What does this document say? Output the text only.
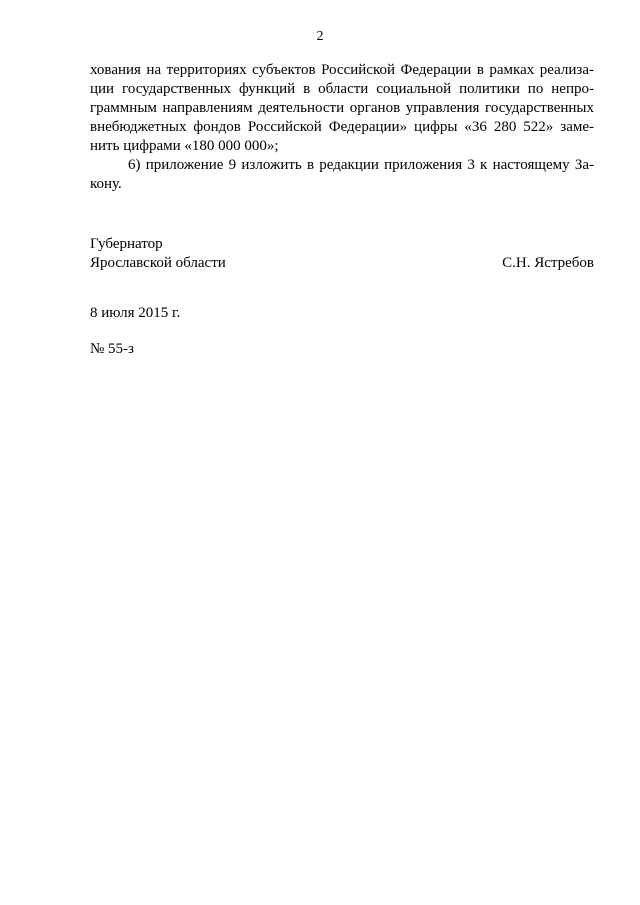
2
хования на территориях субъектов Российской Федерации в рамках реализа-
ции государственных функций в области социальной политики по непро-
граммным направлениям деятельности органов управления государственных
внебюджетных фондов Российской Федерации» цифры «36 280 522» заме-
нить цифрами «180 000 000»;
6) приложение 9 изложить в редакции приложения 3 к настоящему За-
кону.
Губернатор
Ярославской области	С.Н. Ястребов
8 июля 2015 г.
№ 55-з
